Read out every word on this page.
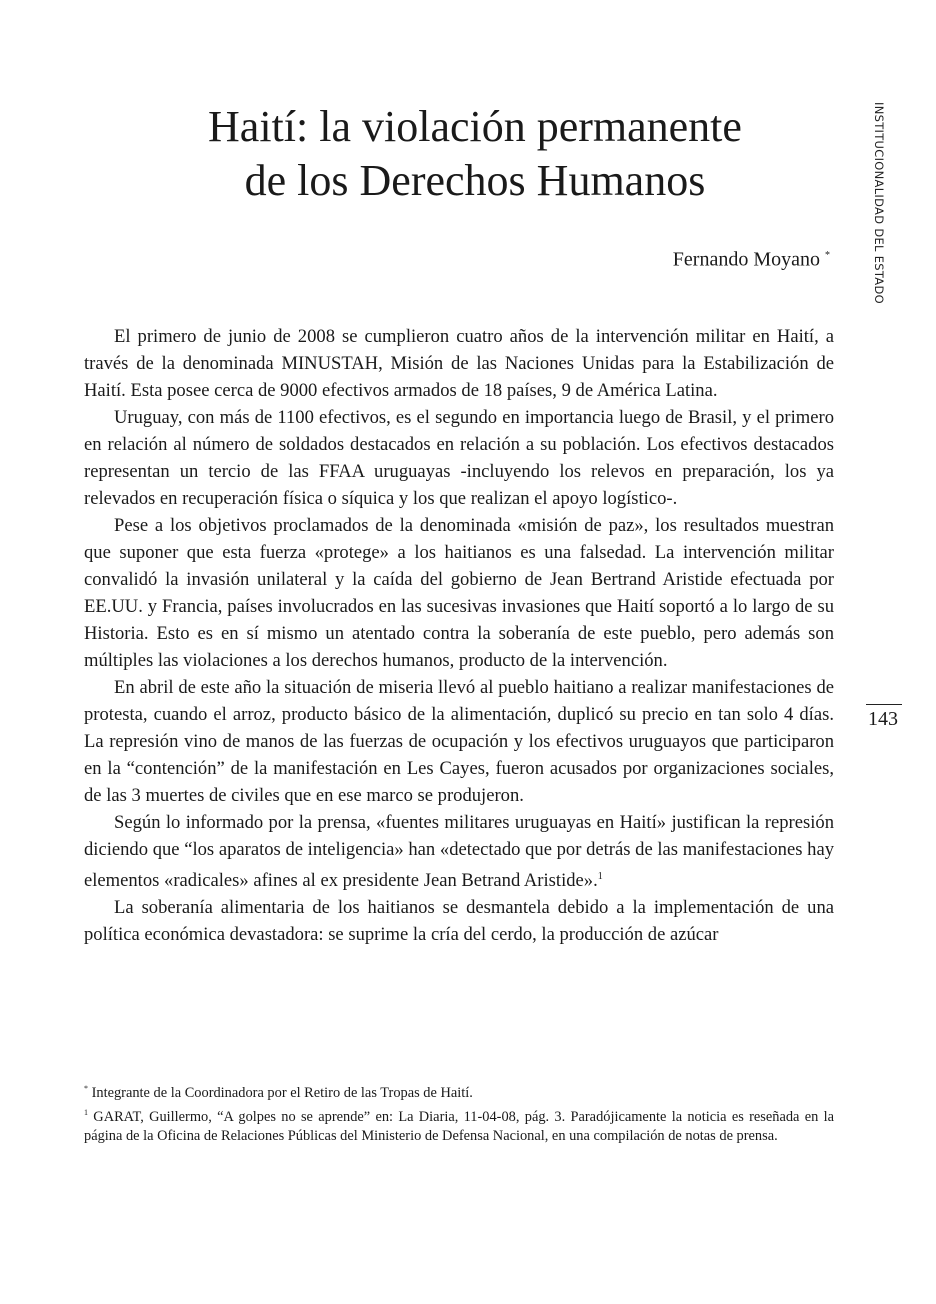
Haití: la violación permanente
de los Derechos Humanos
Fernando Moyano *	INSTITUCIONALIDAD DEL ESTADO
143

El primero de junio de 2008 se cumplieron cuatro años de la intervención militar en Haití, a través de la denominada MINUSTAH, Misión de las Naciones Unidas para la Estabilización de Haití. Esta posee cerca de 9000 efectivos armados de 18 países, 9 de América Latina.

Uruguay, con más de 1100 efectivos, es el segundo en importancia luego de Brasil, y el primero en relación al número de soldados destacados en relación a su población. Los efectivos destacados representan un tercio de las FFAA uruguayas -incluyendo los relevos en preparación, los ya relevados en recuperación física o síquica y los que realizan el apoyo logístico-.

Pese a los objetivos proclamados de la denominada «misión de paz», los resultados muestran que suponer que esta fuerza «protege» a los haitianos es una falsedad. La intervención militar convalidó la invasión unilateral y la caída del gobierno de Jean Bertrand Aristide efectuada por EE.UU. y Francia, países involucrados en las sucesivas invasiones que Haití soportó a lo largo de su Historia. Esto es en sí mismo un atentado contra la soberanía de este pueblo, pero además son múltiples las violaciones a los derechos humanos, producto de la intervención.

En abril de este año la situación de miseria llevó al pueblo haitiano a realizar manifestaciones de protesta, cuando el arroz, producto básico de la alimentación, duplicó su precio en tan solo 4 días. La represión vino de manos de las fuerzas de ocupación y los efectivos uruguayos que participaron en la “contención” de la manifestación en Les Cayes, fueron acusados por organizaciones sociales, de las 3 muertes de civiles que en ese marco se produjeron.

Según lo informado por la prensa, «fuentes militares uruguayas en Haití» justifican la represión diciendo que “los aparatos de inteligencia» han «detectado que por detrás de las manifestaciones hay elementos «radicales» afines al ex presidente Jean Betrand Aristide».$^1$

La soberanía alimentaria de los haitianos se desmantela debido a la implementación de una política económica devastadora: se suprime la cría del cerdo, la producción de azúcar

* Integrante de la Coordinadora por el Retiro de las Tropas de Haití.

$^1$ GARAT, Guillermo, “A golpes no se aprende” en: La Diaria, 11-04-08, pág. 3. Paradójicamente la noticia es reseñada en la página de la Oficina de Relaciones Públicas del Ministerio de Defensa Nacional, en una compilación de notas de prensa.
